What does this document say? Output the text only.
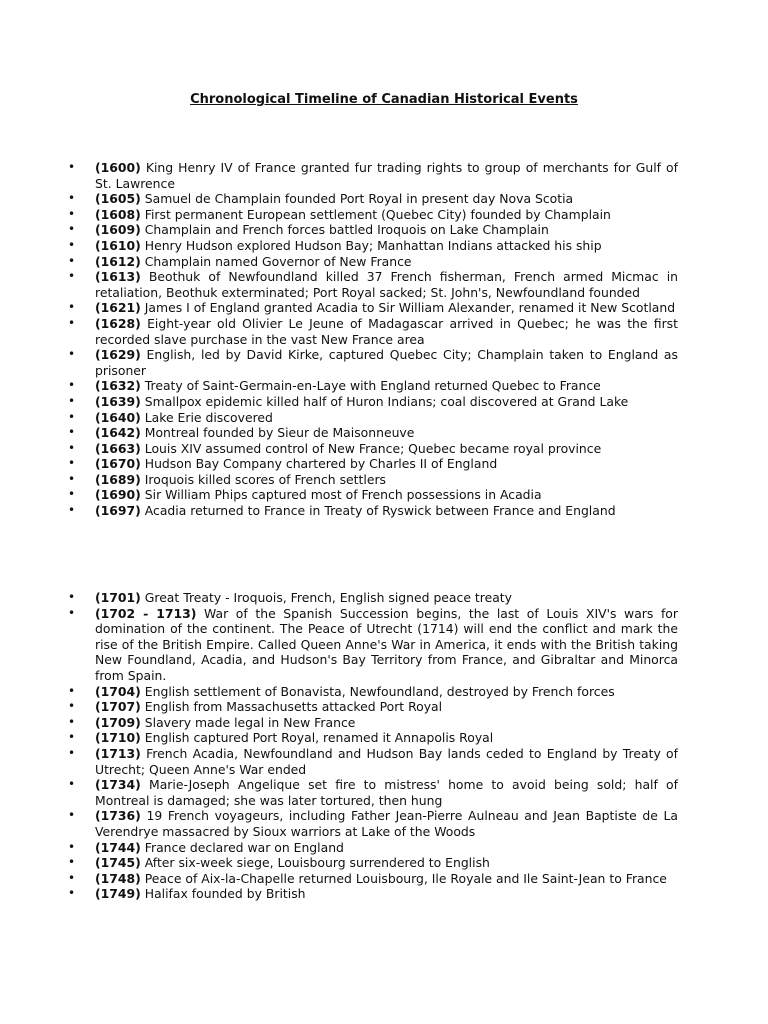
Chronological Timeline of Canadian Historical Events
• (1600) King Henry IV of France granted fur trading rights to group of merchants for Gulf of St. Lawrence
• (1605) Samuel de Champlain founded Port Royal in present day Nova Scotia
• (1608) First permanent European settlement (Quebec City) founded by Champlain
• (1609) Champlain and French forces battled Iroquois on Lake Champlain
• (1610) Henry Hudson explored Hudson Bay; Manhattan Indians attacked his ship
• (1612) Champlain named Governor of New France
• (1613) Beothuk of Newfoundland killed 37 French fisherman, French armed Micmac in retaliation, Beothuk exterminated; Port Royal sacked; St. John's, Newfoundland founded
• (1621) James I of England granted Acadia to Sir William Alexander, renamed it New Scotland
• (1628) Eight-year old Olivier Le Jeune of Madagascar arrived in Quebec; he was the first recorded slave purchase in the vast New France area
• (1629) English, led by David Kirke, captured Quebec City; Champlain taken to England as prisoner
• (1632) Treaty of Saint-Germain-en-Laye with England returned Quebec to France
• (1639) Smallpox epidemic killed half of Huron Indians; coal discovered at Grand Lake
• (1640) Lake Erie discovered
• (1642) Montreal founded by Sieur de Maisonneuve
• (1663) Louis XIV assumed control of New France; Quebec became royal province
• (1670) Hudson Bay Company chartered by Charles II of England
• (1689) Iroquois killed scores of French settlers
• (1690) Sir William Phips captured most of French possessions in Acadia
• (1697) Acadia returned to France in Treaty of Ryswick between France and England
• (1701) Great Treaty - Iroquois, French, English signed peace treaty
• (1702 - 1713) War of the Spanish Succession begins, the last of Louis XIV's wars for domination of the continent. The Peace of Utrecht (1714) will end the conflict and mark the rise of the British Empire. Called Queen Anne's War in America, it ends with the British taking New Foundland, Acadia, and Hudson's Bay Territory from France, and Gibraltar and Minorca from Spain.
• (1704) English settlement of Bonavista, Newfoundland, destroyed by French forces
• (1707) English from Massachusetts attacked Port Royal
• (1709) Slavery made legal in New France
• (1710) English captured Port Royal, renamed it Annapolis Royal
• (1713) French Acadia, Newfoundland and Hudson Bay lands ceded to England by Treaty of Utrecht; Queen Anne's War ended
• (1734) Marie-Joseph Angelique set fire to mistress' home to avoid being sold; half of Montreal is damaged; she was later tortured, then hung
• (1736) 19 French voyageurs, including Father Jean-Pierre Aulneau and Jean Baptiste de La Verendrye massacred by Sioux warriors at Lake of the Woods
• (1744) France declared war on England
• (1745) After six-week siege, Louisbourg surrendered to English
• (1748) Peace of Aix-la-Chapelle returned Louisbourg, Ile Royale and Ile Saint-Jean to France
• (1749) Halifax founded by British
